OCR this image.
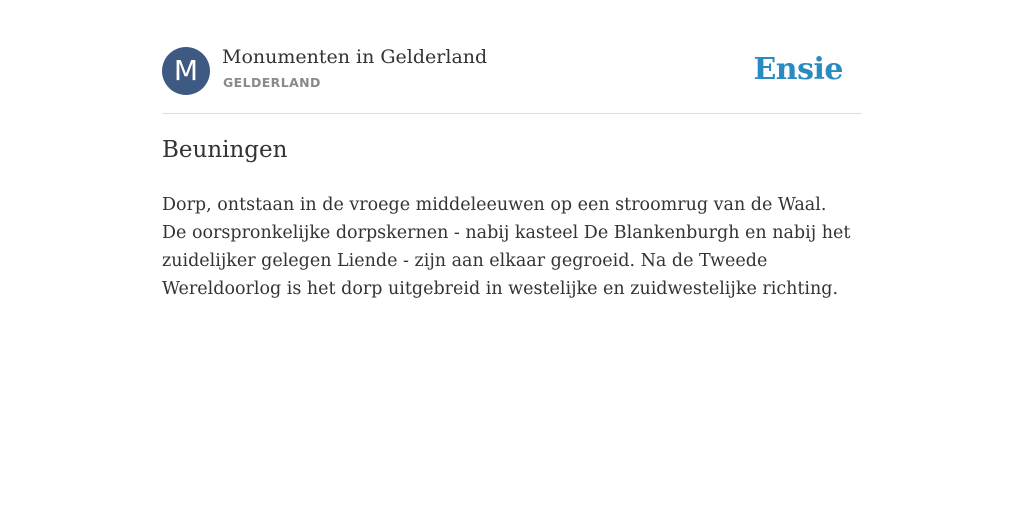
M	Monumenten in Gelderland
GELDERLAND	Ensie
Beuningen

Dorp, ontstaan in de vroege middeleeuwen op een stroomrug van de Waal. De oorspronkelijke dorpskernen - nabij kasteel De Blankenburgh en nabij het zuidelijker gelegen Liende - zijn aan elkaar gegroeid. Na de Tweede Wereldoorlog is het dorp uitgebreid in westelijke en zuidwestelijke richting.
